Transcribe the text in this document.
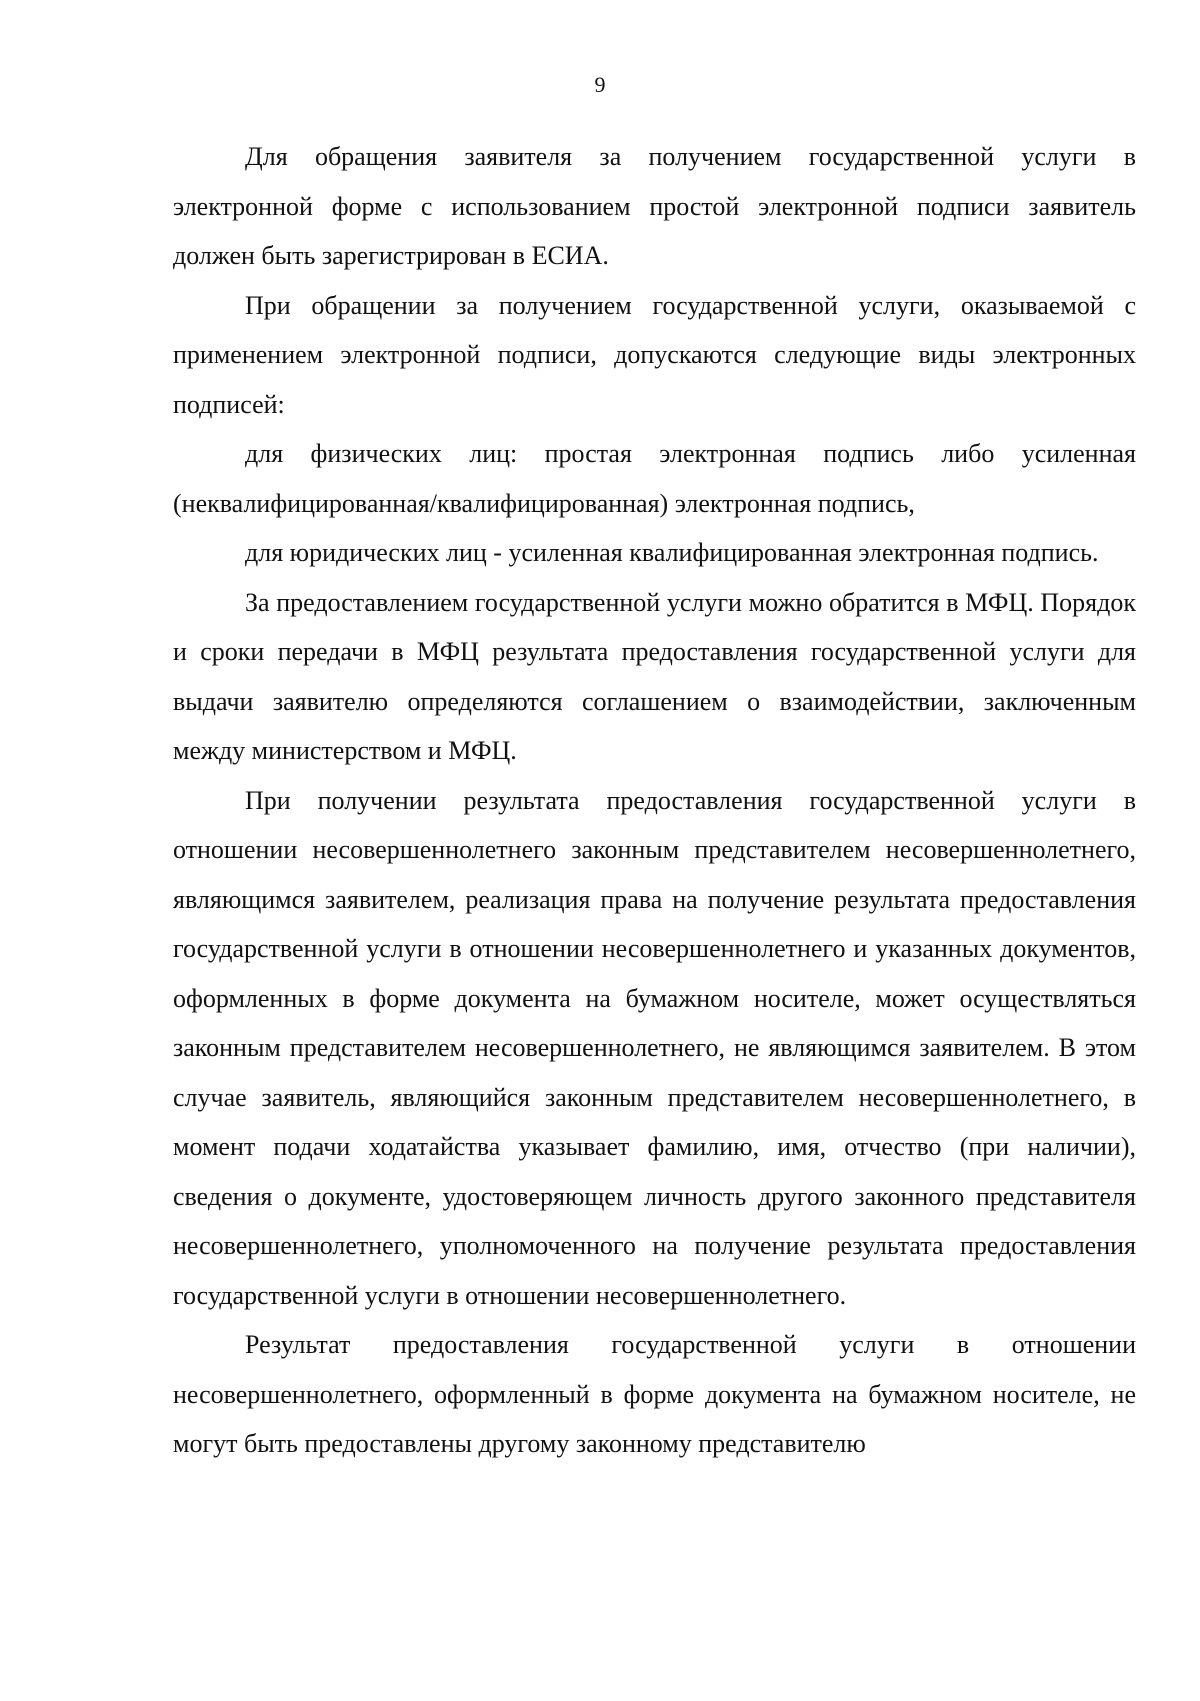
9

Для обращения заявителя за получением государственной услуги в электронной форме с использованием простой электронной подписи заявитель должен быть зарегистрирован в ЕСИА.

При обращении за получением государственной услуги, оказываемой с применением электронной подписи, допускаются следующие виды электронных подписей:

для физических лиц: простая электронная подпись либо усиленная (неквалифицированная/квалифицированная) электронная подпись,

для юридических лиц - усиленная квалифицированная электронная подпись.

За предоставлением государственной услуги можно обратится в МФЦ. Порядок и сроки передачи в МФЦ результата предоставления государственной услуги для выдачи заявителю определяются соглашением о взаимодействии, заключенным между министерством и МФЦ.

При получении результата предоставления государственной услуги в отношении несовершеннолетнего законным представителем несовершеннолетнего, являющимся заявителем, реализация права на получение результата предоставления государственной услуги в отношении несовершеннолетнего и указанных документов, оформленных в форме документа на бумажном носителе, может осуществляться законным представителем несовершеннолетнего, не являющимся заявителем. В этом случае заявитель, являющийся законным представителем несовершеннолетнего, в момент подачи ходатайства указывает фамилию, имя, отчество (при наличии), сведения о документе, удостоверяющем личность другого законного представителя несовершеннолетнего, уполномоченного на получение результата предоставления государственной услуги в отношении несовершеннолетнего.

Результат предоставления государственной услуги в отношении несовершеннолетнего, оформленный в форме документа на бумажном носителе, не могут быть предоставлены другому законному представителю
